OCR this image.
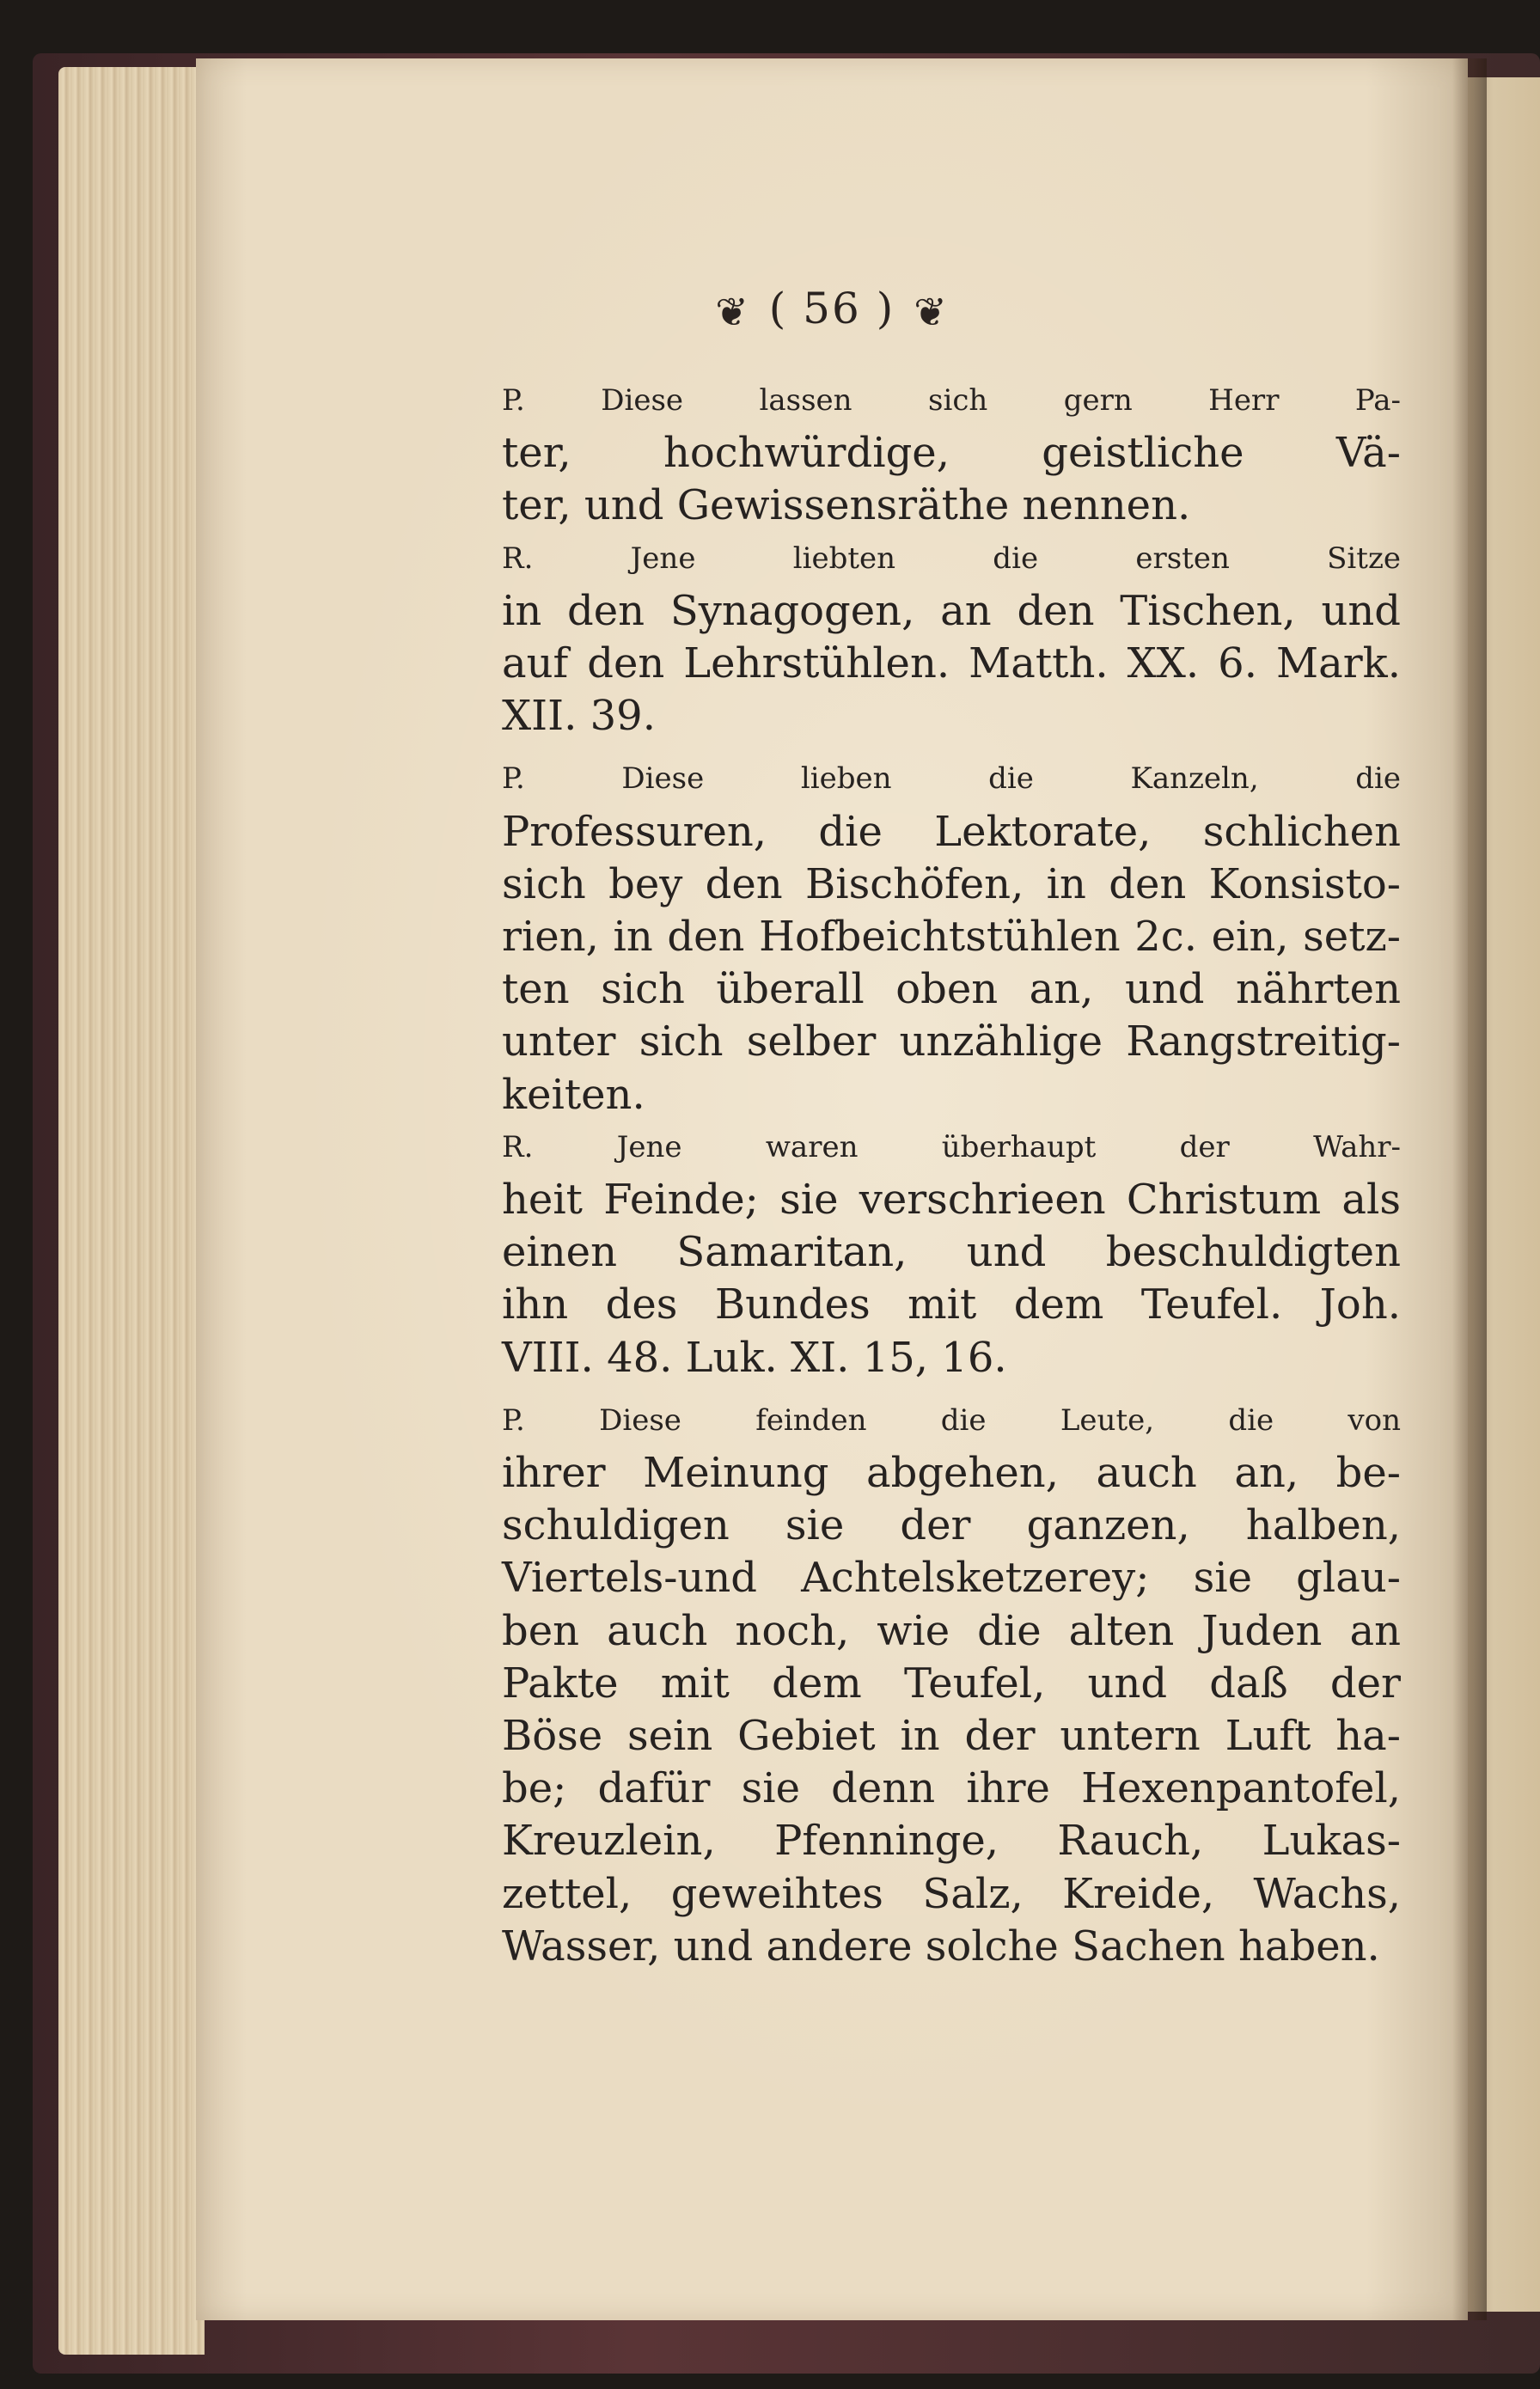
❦ ( 56 ) ❦

P. Diese lassen sich gern Herr Pa-
ter, hochwürdige, geistliche Vä-
ter, und Gewissensräthe nennen.

R. Jene liebten die ersten Sitze
in den Synagogen, an den Tischen, und
auf den Lehrstühlen. Matth. XX. 6. Mark.
XII. 39.

P. Diese lieben die Kanzeln, die
Professuren, die Lektorate, schlichen
sich bey den Bischöfen, in den Konsisto-
rien, in den Hofbeichtstühlen 2c. ein, setz-
ten sich überall oben an, und nährten
unter sich selber unzählige Rangstreitig-
keiten.

R. Jene waren überhaupt der Wahr-
heit Feinde; sie verschrieen Christum als
einen Samaritan, und beschuldigten
ihn des Bundes mit dem Teufel. Joh.
VIII. 48. Luk. XI. 15, 16.

P. Diese feinden die Leute, die von
ihrer Meinung abgehen, auch an, be-
schuldigen sie der ganzen, halben,
Viertels-und Achtelsketzerey; sie glau-
ben auch noch, wie die alten Juden an
Pakte mit dem Teufel, und daß der
Böse sein Gebiet in der untern Luft ha-
be; dafür sie denn ihre Hexenpantofel,
Kreuzlein, Pfenninge, Rauch, Lukas-
zettel, geweihtes Salz, Kreide, Wachs,
Wasser, und andere solche Sachen haben.
